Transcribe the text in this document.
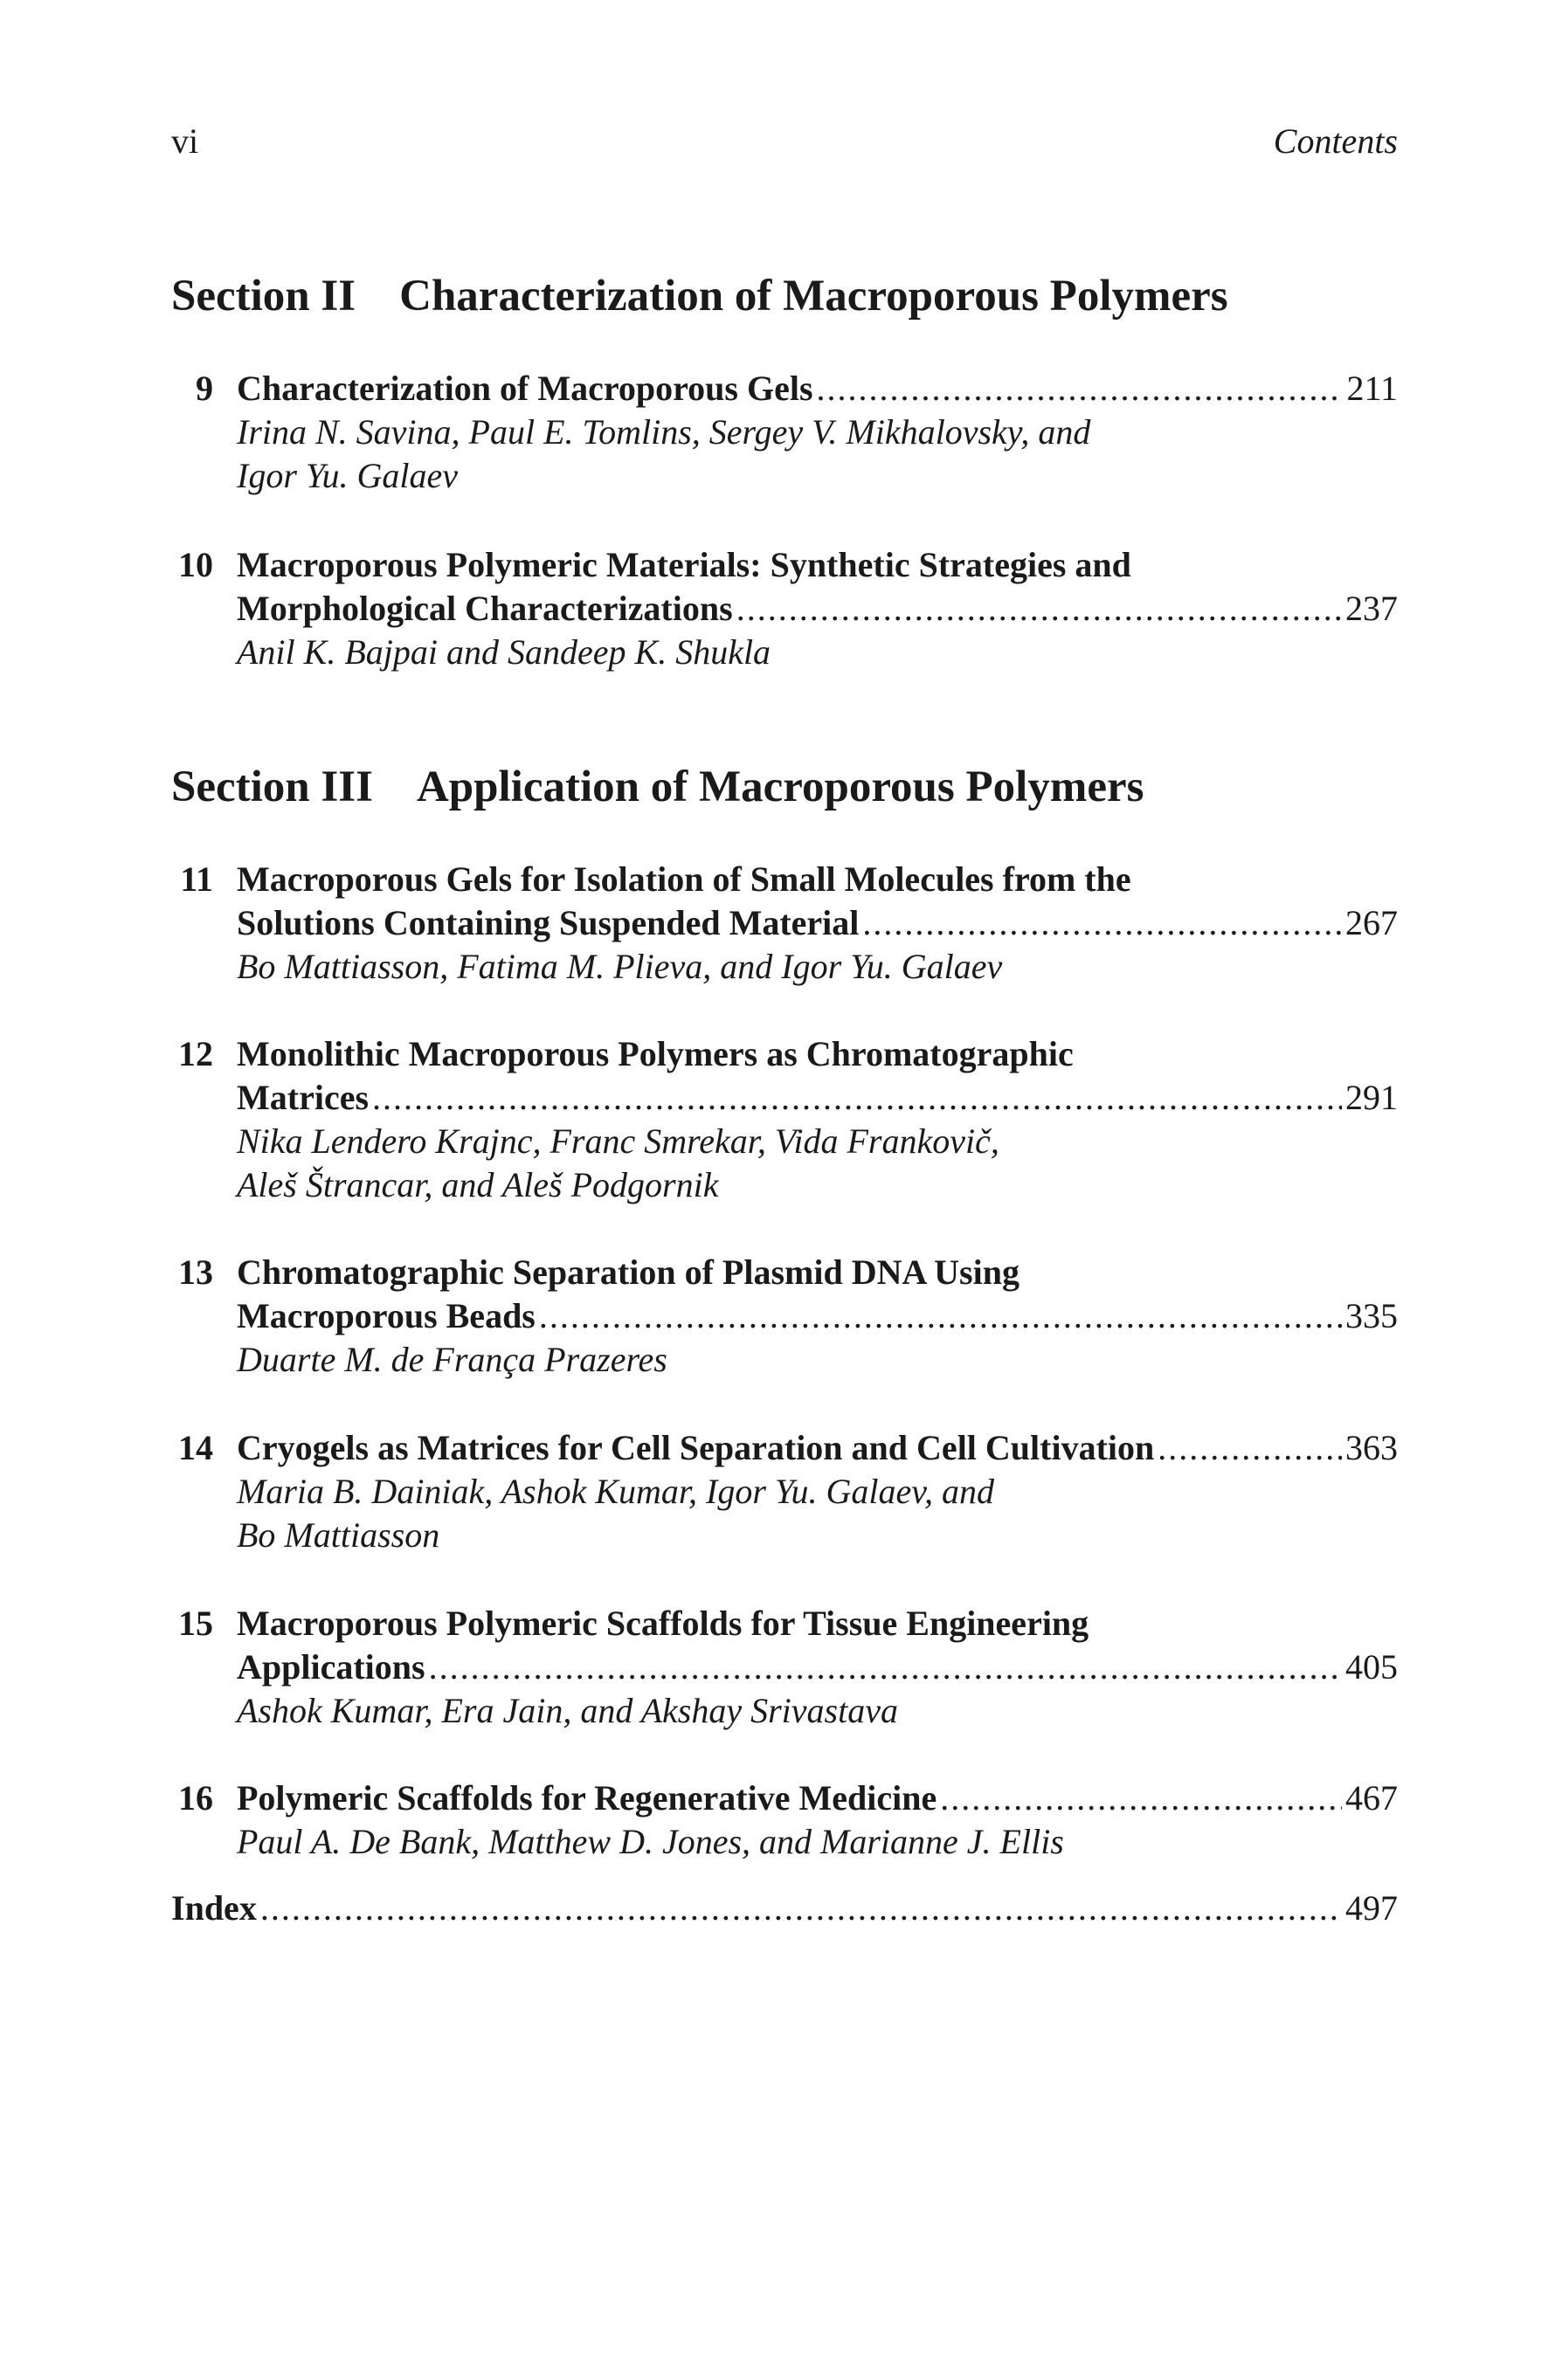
vi	Contents
Section II Characterization of Macroporous Polymers
9 Characterization of Macroporous Gels .....	211
Irina N. Savina, Paul E. Tomlins, Sergey V. Mikhalovsky, and
Igor Yu. Galaev
10 Macroporous Polymeric Materials: Synthetic Strategies and
Morphological Characterizations .....	237
Anil K. Bajpai and Sandeep K. Shukla
Section III Application of Macroporous Polymers
11 Macroporous Gels for Isolation of Small Molecules from the
Solutions Containing Suspended Material .....	267
Bo Mattiasson, Fatima M. Plieva, and Igor Yu. Galaev
12 Monolithic Macroporous Polymers as Chromatographic
Matrices .....	291
Nika Lendero Krajnc, Franc Smrekar, Vida Frankovič,
Aleš Štrancar, and Aleš Podgornik
13 Chromatographic Separation of Plasmid DNA Using
Macroporous Beads .....	335
Duarte M. de França Prazeres
14 Cryogels as Matrices for Cell Separation and Cell Cultivation .....	363
Maria B. Dainiak, Ashok Kumar, Igor Yu. Galaev, and
Bo Mattiasson
15 Macroporous Polymeric Scaffolds for Tissue Engineering
Applications .....	405
Ashok Kumar, Era Jain, and Akshay Srivastava
16 Polymeric Scaffolds for Regenerative Medicine .....	467
Paul A. De Bank, Matthew D. Jones, and Marianne J. Ellis
Index .....	497
